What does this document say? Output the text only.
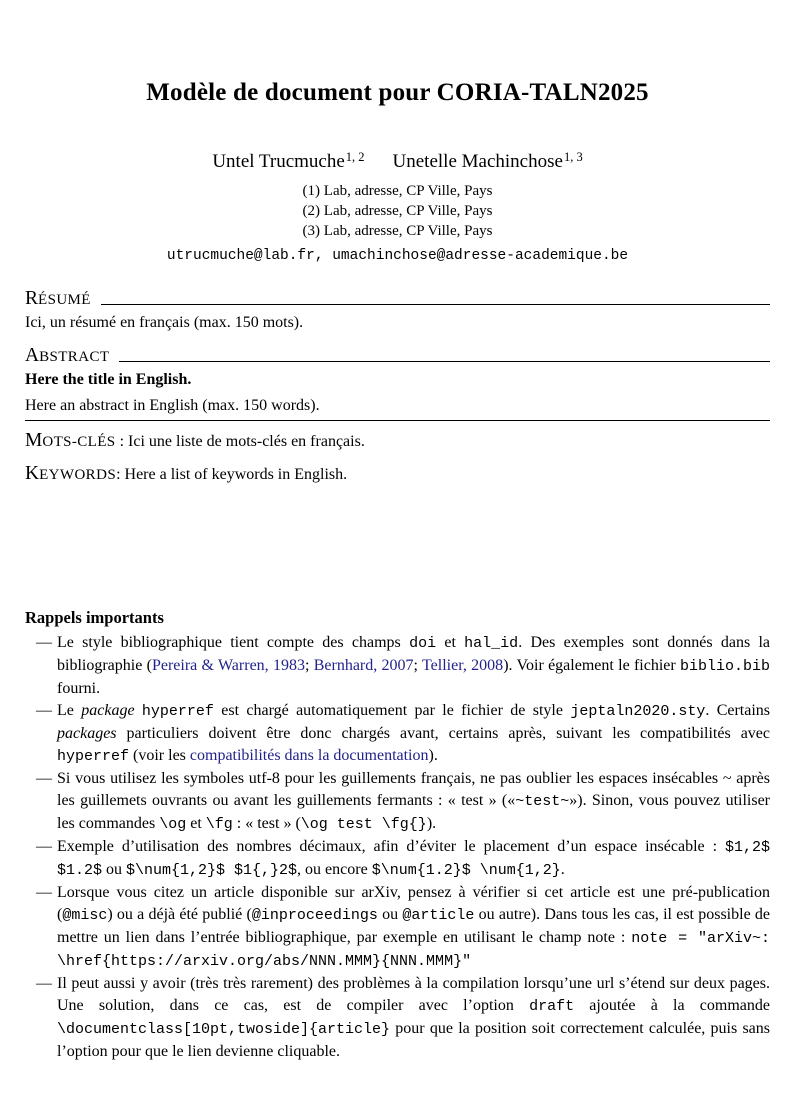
Modèle de document pour CORIA-TALN2025
Untel Trucmuche$^{1, 2}$ Unetelle Machinchose$^{1, 3}$
(1) Lab, adresse, CP Ville, Pays
(2) Lab, adresse, CP Ville, Pays
(3) Lab, adresse, CP Ville, Pays
utrucmuche@lab.fr, umachinchose@adresse-academique.be
RÉSUMÉ

Ici, un résumé en français (max. 150 mots).

ABSTRACT

Here the title in English.

Here an abstract in English (max. 150 words).

MOTS-CLÉS : Ici une liste de mots-clés en français.

KEYWORDS: Here a list of keywords in English.

Rappels importants
— Le style bibliographique tient compte des champs doi et hal_id. Des exemples sont donnés dans la bibliographie (Pereira & Warren, 1983; Bernhard, 2007; Tellier, 2008). Voir également le fichier biblio.bib fourni.
— Le package hyperref est chargé automatiquement par le fichier de style jeptaln2020.sty. Certains packages particuliers doivent être donc chargés avant, certains après, suivant les compatibilités avec hyperref (voir les compatibilités dans la documentation).
— Si vous utilisez les symboles utf-8 pour les guillements français, ne pas oublier les espaces insécables ~ après les guillemets ouvrants ou avant les guillements fermants : « test » («~test~»). Sinon, vous pouvez utiliser les commandes \og et \fg : « test » (\og test \fg{}).
— Exemple d’utilisation des nombres décimaux, afin d’éviter le placement d’un espace insécable : $1,2$ $1.2$ ou $\num{1,2}$ $1{,}2$, ou encore $\num{1.2}$ \num{1,2}.
— Lorsque vous citez un article disponible sur arXiv, pensez à vérifier si cet article est une pré-publication (@misc) ou a déjà été publié (@inproceedings ou @article ou autre). Dans tous les cas, il est possible de mettre un lien dans l’entrée bibliographique, par exemple en utilisant le champ note : note = "arXiv~: \href{https://arxiv.org/abs/NNN.MMM}{NNN.MMM}"
— Il peut aussi y avoir (très très rarement) des problèmes à la compilation lorsqu’une url s’étend sur deux pages. Une solution, dans ce cas, est de compiler avec l’option draft ajoutée à la commande \documentclass[10pt,twoside]{article} pour que la position soit correctement calculée, puis sans l’option pour que le lien devienne cliquable.
